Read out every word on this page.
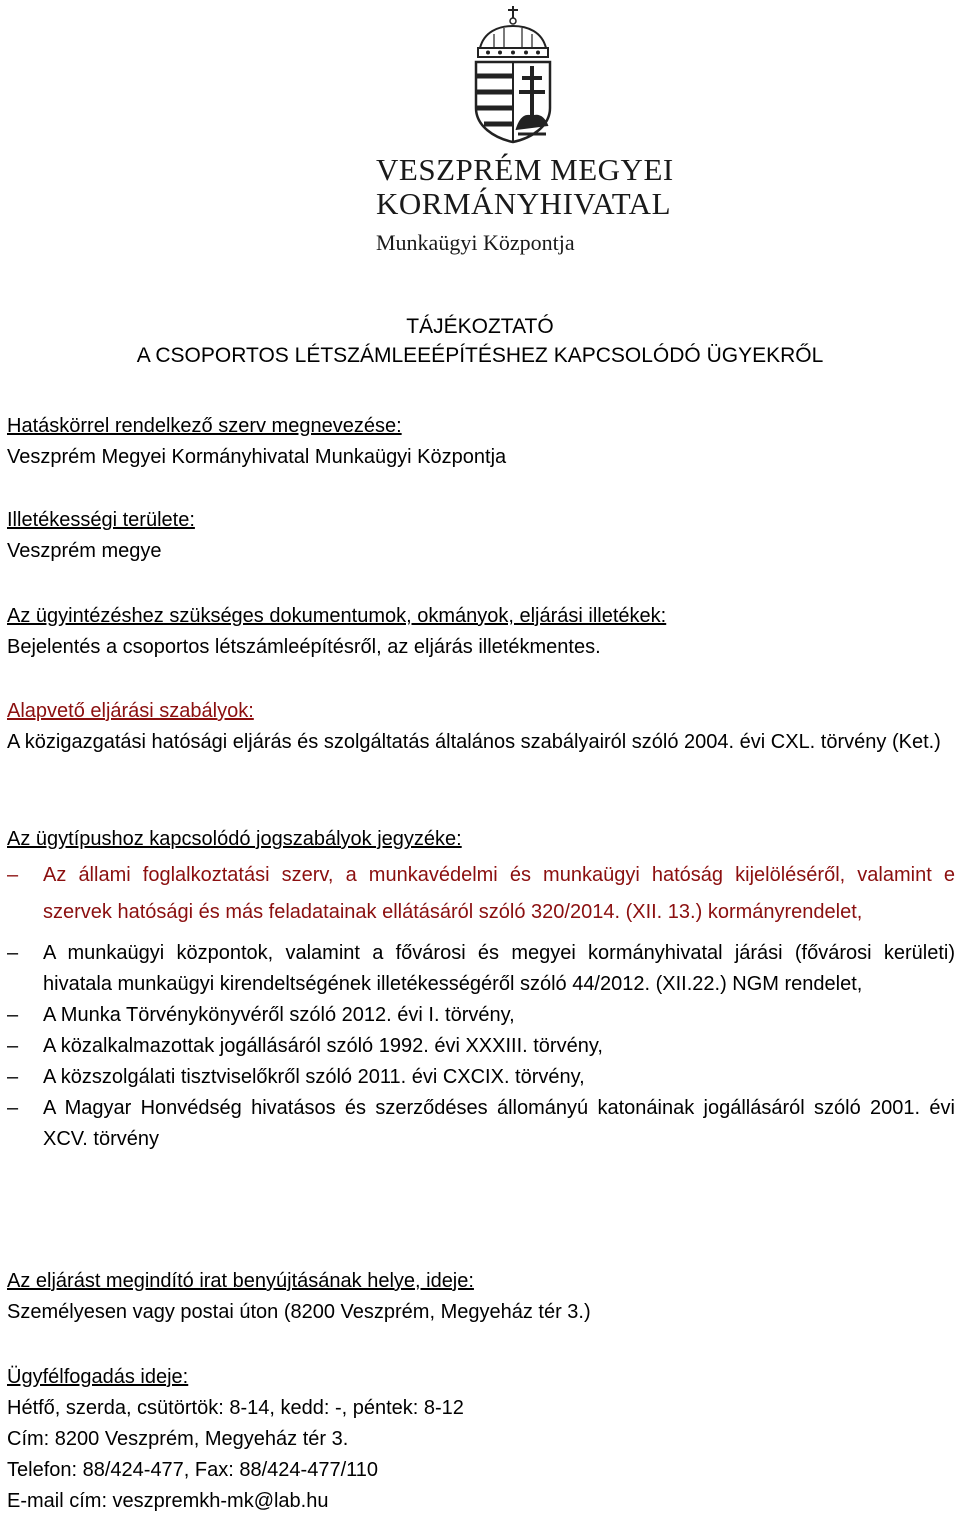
VESZPRÉM MEGYEI
KORMÁNYHIVATAL
Munkaügyi Központja
TÁJÉKOZTATÓ
A CSOPORTOS LÉTSZÁMLEEÉPÍTÉSHEZ KAPCSOLÓDÓ ÜGYEKRŐL
Hatáskörrel rendelkező szerv megnevezése:
Veszprém Megyei Kormányhivatal Munkaügyi Központja
Illetékességi területe:
Veszprém megye
Az ügyintézéshez szükséges dokumentumok, okmányok, eljárási illetékek:
Bejelentés a csoportos létszámleépítésről, az eljárás illetékmentes.
Alapvető eljárási szabályok:
A közigazgatási hatósági eljárás és szolgáltatás általános szabályairól szóló 2004. évi CXL. törvény (Ket.)
Az ügytípushoz kapcsolódó jogszabályok jegyzéke:
– Az állami foglalkoztatási szerv, a munkavédelmi és munkaügyi hatóság kijelöléséről, valamint e szervek hatósági és más feladatainak ellátásáról szóló 320/2014. (XII. 13.) kormányrendelet,
– A munkaügyi központok, valamint a fővárosi és megyei kormányhivatal járási (fővárosi kerületi) hivatala munkaügyi kirendeltségének illetékességéről szóló 44/2012. (XII.22.) NGM rendelet,
– A Munka Törvénykönyvéről szóló 2012. évi I. törvény,
– A közalkalmazottak jogállásáról szóló 1992. évi XXXIII. törvény,
– A közszolgálati tisztviselőkről szóló 2011. évi CXCIX. törvény,
– A Magyar Honvédség hivatásos és szerződéses állományú katonáinak jogállásáról szóló 2001. évi XCV. törvény
Az eljárást megindító irat benyújtásának helye, ideje:
Személyesen vagy postai úton (8200 Veszprém, Megyeház tér 3.)
Ügyfélfogadás ideje:
Hétfő, szerda, csütörtök: 8-14, kedd: -, péntek: 8-12
Cím: 8200 Veszprém, Megyeház tér 3.
Telefon: 88/424-477, Fax: 88/424-477/110
E-mail cím: veszpremkh-mk@lab.hu
